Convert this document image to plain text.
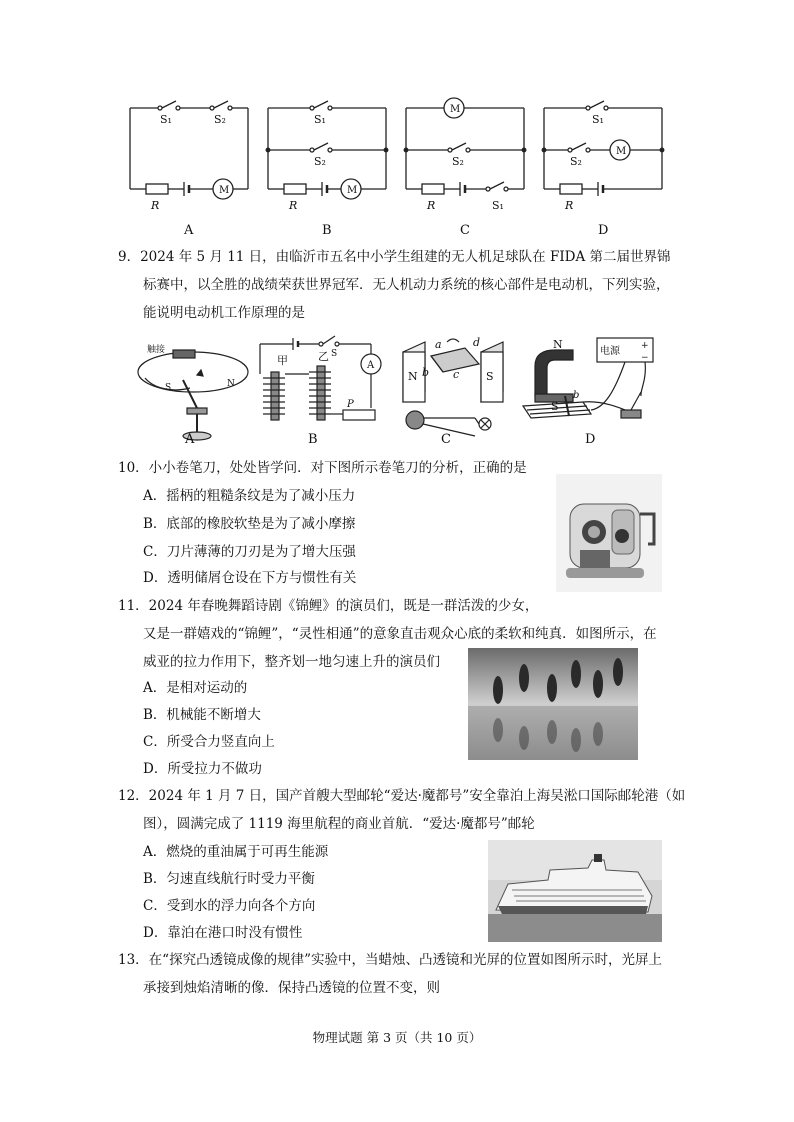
S₁	S₂
R
M
S₁
S₂
R
M
M
S₂
R	S₁
S₁
S₂
R
M
A	B	C	D
9．2024 年 5 月 11 日，由临沂市五名中小学生组建的无人机足球队在 FIDA 第二届世界锦
标赛中，以全胜的战绩荣获世界冠军．无人机动力系统的核心部件是电动机，下列实验，
能说明电动机工作原理的是
触接
N
S
甲	乙 S
A
P
N	S
a
b c
d
电源 +
−
N
S
b
A	B	C	D
10．小小卷笔刀，处处皆学问．对下图所示卷笔刀的分析，正确的是
A．摇柄的粗糙条纹是为了减小压力
B．底部的橡胶软垫是为了减小摩擦
C．刀片薄薄的刀刃是为了增大压强
D．透明储屑仓设在下方与惯性有关
11．2024 年春晚舞蹈诗剧《锦鲤》的演员们，既是一群活泼的少女，
又是一群嬉戏的“锦鲤”，“灵性相通”的意象直击观众心底的柔软和纯真．如图所示，在
威亚的拉力作用下，整齐划一地匀速上升的演员们
A．是相对运动的
B．机械能不断增大
C．所受合力竖直向上
D．所受拉力不做功
12．2024 年 1 月 7 日，国产首艘大型邮轮“爱达·魔都号”安全靠泊上海吴淞口国际邮轮港（如
图），圆满完成了 1119 海里航程的商业首航．“爱达·魔都号”邮轮
A．燃烧的重油属于可再生能源
B．匀速直线航行时受力平衡
C．受到水的浮力向各个方向
D．靠泊在港口时没有惯性
13．在“探究凸透镜成像的规律”实验中，当蜡烛、凸透镜和光屏的位置如图所示时，光屏上
承接到烛焰清晰的像．保持凸透镜的位置不变，则
物理试题 第 3 页（共 10 页）
